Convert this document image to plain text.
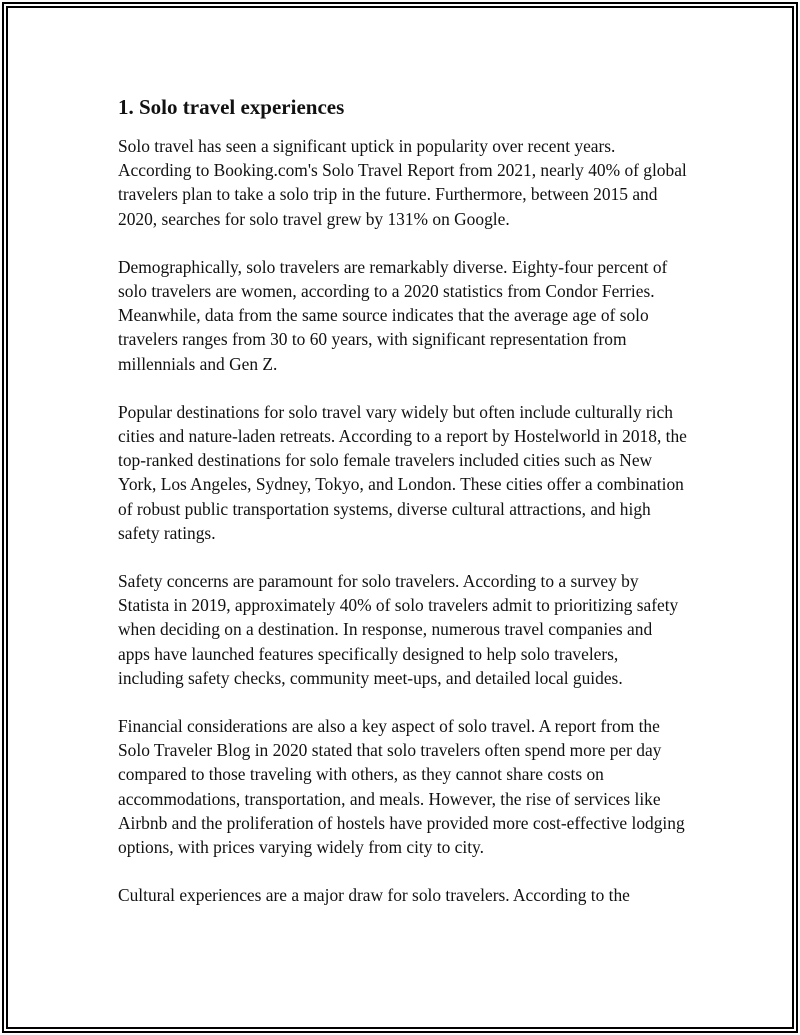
1. Solo travel experiences

Solo travel has seen a significant uptick in popularity over recent years. According to Booking.com's Solo Travel Report from 2021, nearly 40% of global travelers plan to take a solo trip in the future. Furthermore, between 2015 and 2020, searches for solo travel grew by 131% on Google.

Demographically, solo travelers are remarkably diverse. Eighty-four percent of solo travelers are women, according to a 2020 statistics from Condor Ferries. Meanwhile, data from the same source indicates that the average age of solo travelers ranges from 30 to 60 years, with significant representation from millennials and Gen Z.

Popular destinations for solo travel vary widely but often include culturally rich cities and nature-laden retreats. According to a report by Hostelworld in 2018, the top-ranked destinations for solo female travelers included cities such as New York, Los Angeles, Sydney, Tokyo, and London. These cities offer a combination of robust public transportation systems, diverse cultural attractions, and high safety ratings.

Safety concerns are paramount for solo travelers. According to a survey by Statista in 2019, approximately 40% of solo travelers admit to prioritizing safety when deciding on a destination. In response, numerous travel companies and apps have launched features specifically designed to help solo travelers, including safety checks, community meet-ups, and detailed local guides.

Financial considerations are also a key aspect of solo travel. A report from the Solo Traveler Blog in 2020 stated that solo travelers often spend more per day compared to those traveling with others, as they cannot share costs on accommodations, transportation, and meals. However, the rise of services like Airbnb and the proliferation of hostels have provided more cost-effective lodging options, with prices varying widely from city to city.

Cultural experiences are a major draw for solo travelers. According to the
